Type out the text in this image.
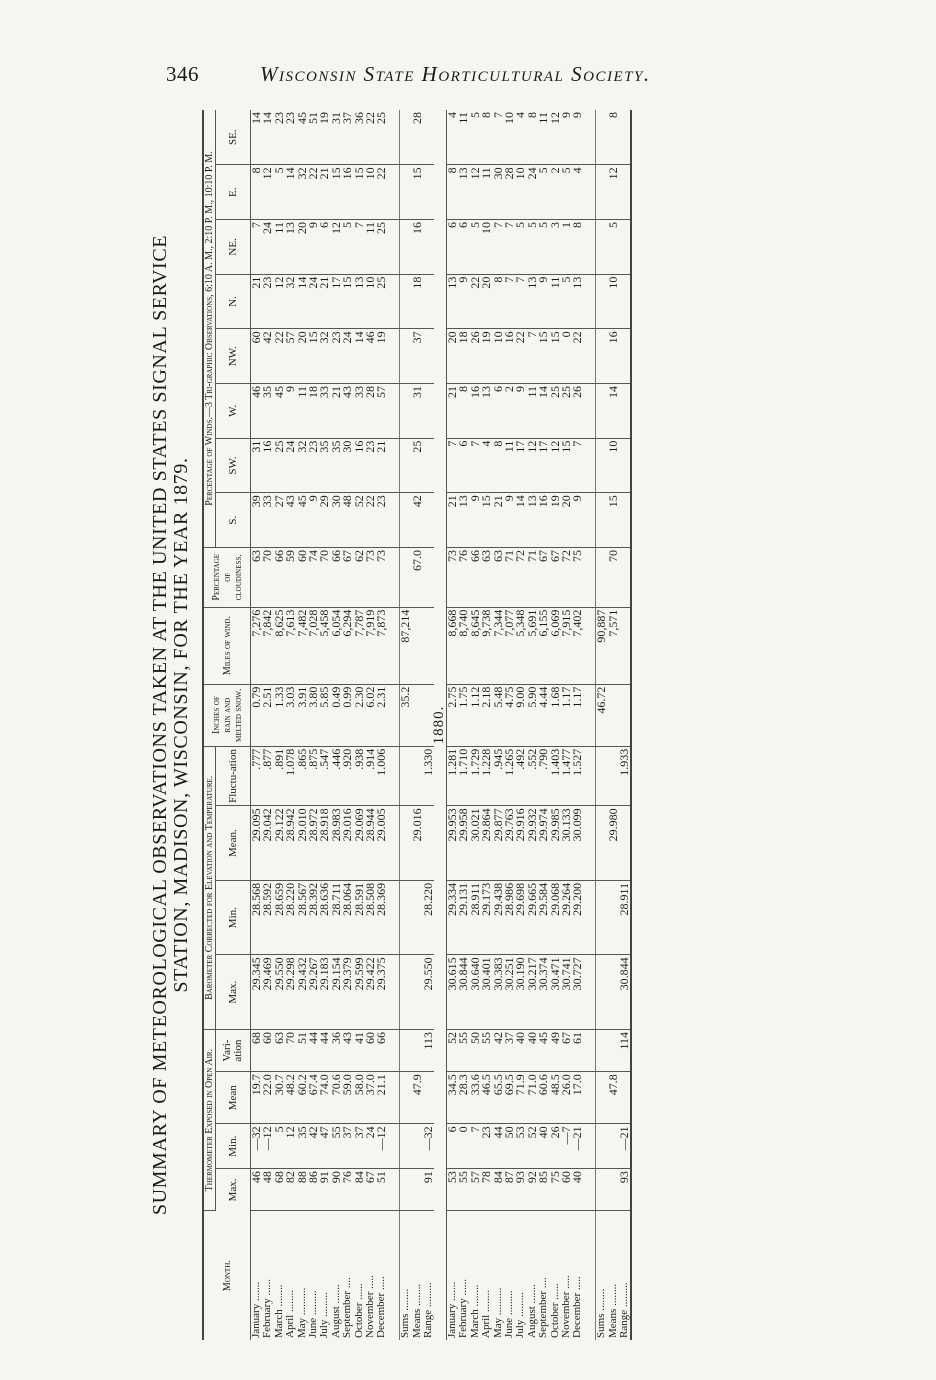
346	Wisconsin State Horticultural Society.
SUMMARY OF METEOROLOGICAL OBSERVATIONS TAKEN AT THE UNITED STATES SIGNAL SERVICE STATION, MADISON, WISCONSIN, FOR THE YEAR 1879.
Month.	Thermometer Exposed in Open Air.				Barometer Corrected for Elevation and Temperature.				Inches of rain and melted snow.	Miles of wind.	Percentage of cloudiness.	Percentage of Winds.—3 Tri-graphic Observations, 6:10 A. M., 2:10 P. M., 10:10 P. M.							
	Max.	Min.	Mean	Vari-ation	Max.	Min.	Mean.	Fluctu-ation				S.	SW.	W.	NW.	N.	NE.	E.	SE.
January .......	46	—32	19.7	68	29.345	28.568	29.095	.777	0.79	7,276	63	39	31	46	60	21	7	8	14
February ......	48	—12	22.0	60	29.469	28.592	29.042	.877	2.51	7,842	70	33	16	35	42	23	24	12	14
March ........	68	5	30.7	63	29.550	28.659	29.122	.891	1.33	8,625	66	27	25	45	22	12	11	5	23
April ........	82	12	48.2	70	29.298	28.220	28.942	1.078	3.03	7,613	59	43	24	9	57	32	13	14	23
May ..........	88	35	60.2	51	29.432	28.567	29.010	.865	3.91	7,482	60	45	32	11	20	14	20	32	45
June .........	86	42	67.4	44	29.267	28.392	28.972	.875	3.80	7,028	74	9	23	18	15	24	9	22	51
July .........	91	47	74.0	44	29.183	28.636	28.918	.547	5.85	5,458	70	29	35	33	32	21	6	21	19
August .......	90	55	70.6	36	29.154	28.711	28.983	.446	0.49	6,054	66	30	35	21	23	17	12	15	31
September ....	76	37	59.0	43	29.379	28.064	29.016	.920	0.99	6,294	67	48	30	43	24	15	5	16	37
October ......	84	37	58.0	41	29.599	28.591	29.069	.938	2.30	7,787	62	52	16	33	14	13	7	15	36
November .....	67	24	37.0	60	29.422	28.508	28.944	.914	6.02	7,919	73	22	23	28	46	10	11	10	22
December .....	51	—12	21.1	66	29.375	28.369	29.005	1.006	2.31	7,873	73	23	21	57	19	25	25	22	25

Sums ........									35.2	87,214									
Means ........			47.9				29.016				67.0	42	25	31	37	18	16	15	28
Range .........	91	—32		113	29.550	28.220		1.330											
1880.																			
January .......	53	6	34.5	52	30.615	29.334	29.953	1.281	2.75	8,668	73	21	7	21	20	13	6	8	4
February ......	55	0	28.3	55	30.844	29.131	29.958	1.710	1.75	8,740	76	13	6	8	18	9	6	13	11
March ........	57	7	33.6	50	30.640	28.911	30.021	1.729	1.12	8,645	66	9	7	16	26	22	5	12	5
April ........	78	23	46.5	55	30.401	29.173	29.864	1.228	2.18	9,738	63	15	4	13	19	20	10	11	8
May ..........	84	44	65.5	42	30.383	29.438	29.877	.945	5.48	7,344	63	21	8	6	10	8	7	30	7
June .........	87	50	69.5	37	30.251	28.986	29.763	1.265	4.75	7,077	71	9	11	2	16	7	7	28	10
July .........	93	53	71.9	40	30.190	29.698	29.916	.492	9.00	5,348	72	14	17	9	22	7	5	10	4
August .......	92	52	71.0	40	30.217	29.665	29.932	.552	5.90	5,691	71	13	12	11	7	13	5	24	8
September ....	85	40	60.6	45	30.374	29.584	29.974	.790	4.44	6,155	67	16	17	14	15	9	5	5	11
October ......	75	26	48.5	49	30.471	29.068	29.985	1.403	1.68	6,069	67	19	12	25	15	11	3	2	12
November .....	60	—7	26.0	67	30.741	29.264	30.133	1.477	1.17	7,915	72	20	15	25	0	5	1	5	9
December .....	40	—21	17.0	61	30.727	29.200	30.099	1.527	1.17	7,402	75	9	7	26	22	13	8	4	9

Sums ........									46.72	90,887									
Means ........			47.8				29.980			7,571	70	15	10	14	16	10	5	12	8
Range .........	93	—21		114	30.844	28.911		1.933											
